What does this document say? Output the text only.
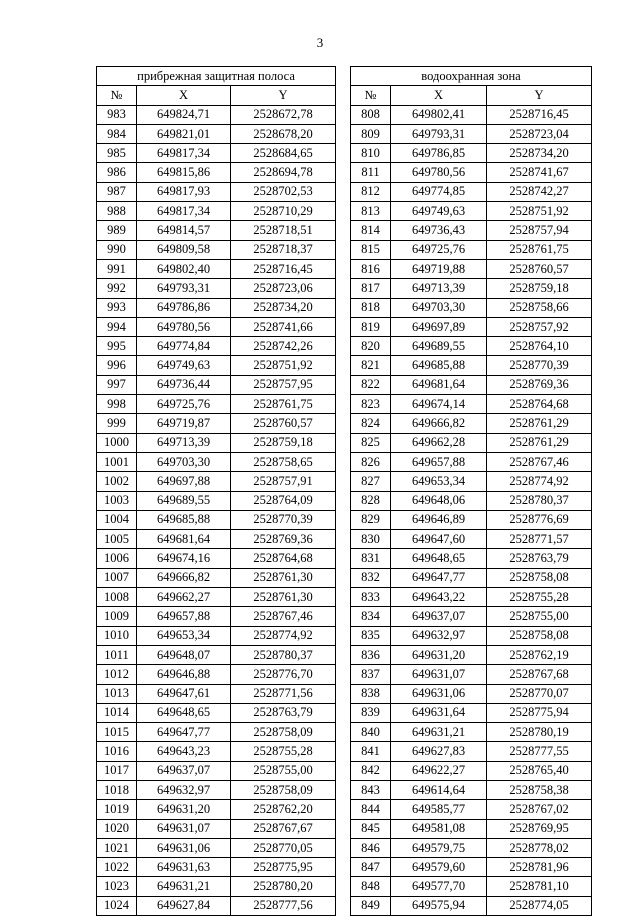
3
прибрежная защитная полоса		
№	X	Y
983	649824,71	2528672,78
984	649821,01	2528678,20
985	649817,34	2528684,65
986	649815,86	2528694,78
987	649817,93	2528702,53
988	649817,34	2528710,29
989	649814,57	2528718,51
990	649809,58	2528718,37
991	649802,40	2528716,45
992	649793,31	2528723,06
993	649786,86	2528734,20
994	649780,56	2528741,66
995	649774,84	2528742,26
996	649749,63	2528751,92
997	649736,44	2528757,95
998	649725,76	2528761,75
999	649719,87	2528760,57
1000	649713,39	2528759,18
1001	649703,30	2528758,65
1002	649697,88	2528757,91
1003	649689,55	2528764,09
1004	649685,88	2528770,39
1005	649681,64	2528769,36
1006	649674,16	2528764,68
1007	649666,82	2528761,30
1008	649662,27	2528761,30
1009	649657,88	2528767,46
1010	649653,34	2528774,92
1011	649648,07	2528780,37
1012	649646,88	2528776,70
1013	649647,61	2528771,56
1014	649648,65	2528763,79
1015	649647,77	2528758,09
1016	649643,23	2528755,28
1017	649637,07	2528755,00
1018	649632,97	2528758,09
1019	649631,20	2528762,20
1020	649631,07	2528767,67
1021	649631,06	2528770,05
1022	649631,63	2528775,95
1023	649631,21	2528780,20
1024	649627,84	2528777,56
водоохранная зона		
№	X	Y
808	649802,41	2528716,45
809	649793,31	2528723,04
810	649786,85	2528734,20
811	649780,56	2528741,67
812	649774,85	2528742,27
813	649749,63	2528751,92
814	649736,43	2528757,94
815	649725,76	2528761,75
816	649719,88	2528760,57
817	649713,39	2528759,18
818	649703,30	2528758,66
819	649697,89	2528757,92
820	649689,55	2528764,10
821	649685,88	2528770,39
822	649681,64	2528769,36
823	649674,14	2528764,68
824	649666,82	2528761,29
825	649662,28	2528761,29
826	649657,88	2528767,46
827	649653,34	2528774,92
828	649648,06	2528780,37
829	649646,89	2528776,69
830	649647,60	2528771,57
831	649648,65	2528763,79
832	649647,77	2528758,08
833	649643,22	2528755,28
834	649637,07	2528755,00
835	649632,97	2528758,08
836	649631,20	2528762,19
837	649631,07	2528767,68
838	649631,06	2528770,07
839	649631,64	2528775,94
840	649631,21	2528780,19
841	649627,83	2528777,55
842	649622,27	2528765,40
843	649614,64	2528758,38
844	649585,77	2528767,02
845	649581,08	2528769,95
846	649579,75	2528778,02
847	649579,60	2528781,96
848	649577,70	2528781,10
849	649575,94	2528774,05
